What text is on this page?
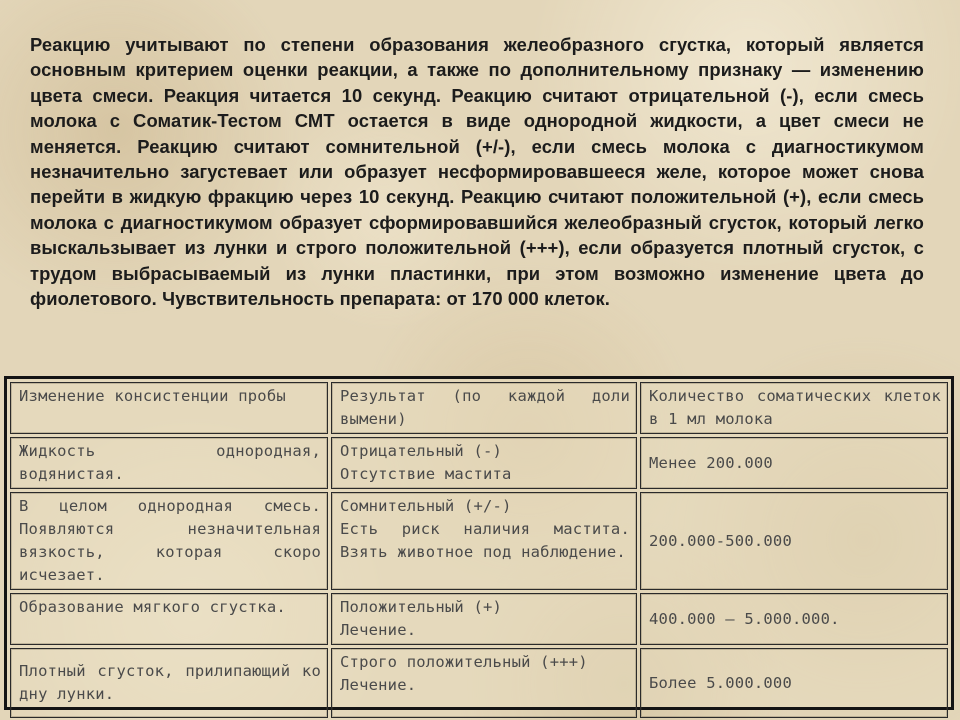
Реакцию учитывают по степени образования желеобразного сгустка, который является основным критерием оценки реакции, а также по дополнительному признаку — изменению цвета смеси. Реакция читается 10 секунд. Реакцию считают отрицательной (-), если смесь молока с Соматик-Тестом СМТ остается в виде однородной жидкости, а цвет смеси не меняется. Реакцию считают сомнительной (+/-), если смесь молока с диагностикумом незначительно загустевает или образует несформировавшееся желе, которое может снова перейти в жидкую фракцию через 10 секунд. Реакцию считают положительной (+), если смесь молока с диагностикумом образует сформировавшийся желеобразный сгусток, который легко выскальзывает из лунки и строго положительной (+++), если образуется плотный сгусток, с трудом выбрасываемый из лунки пластинки, при этом возможно изменение цвета до фиолетового. Чувствительность препарата: от 170 000 клеток.

Изменение консистенции пробы	Результат (по каждой доли вымени)	Количество соматических клеток в 1 мл молока
Жидкость однородная, водянистая.	
Отрицательный (-)
Отсутствие мастита
	Менее 200.000
В целом однородная смесь. Появляются незначительная вязкость, которая скоро исчезает.	
Сомнительный (+/-)
Есть риск наличия мастита. Взять животное под наблюдение.
	200.000-500.000
Образование мягкого сгустка.	Положительный (+)
Лечение.
	400.000 – 5.000.000.
Плотный сгусток, прилипающий ко дну лунки.	
Строго положительный (+++)
Лечение.	Более 5.000.000
